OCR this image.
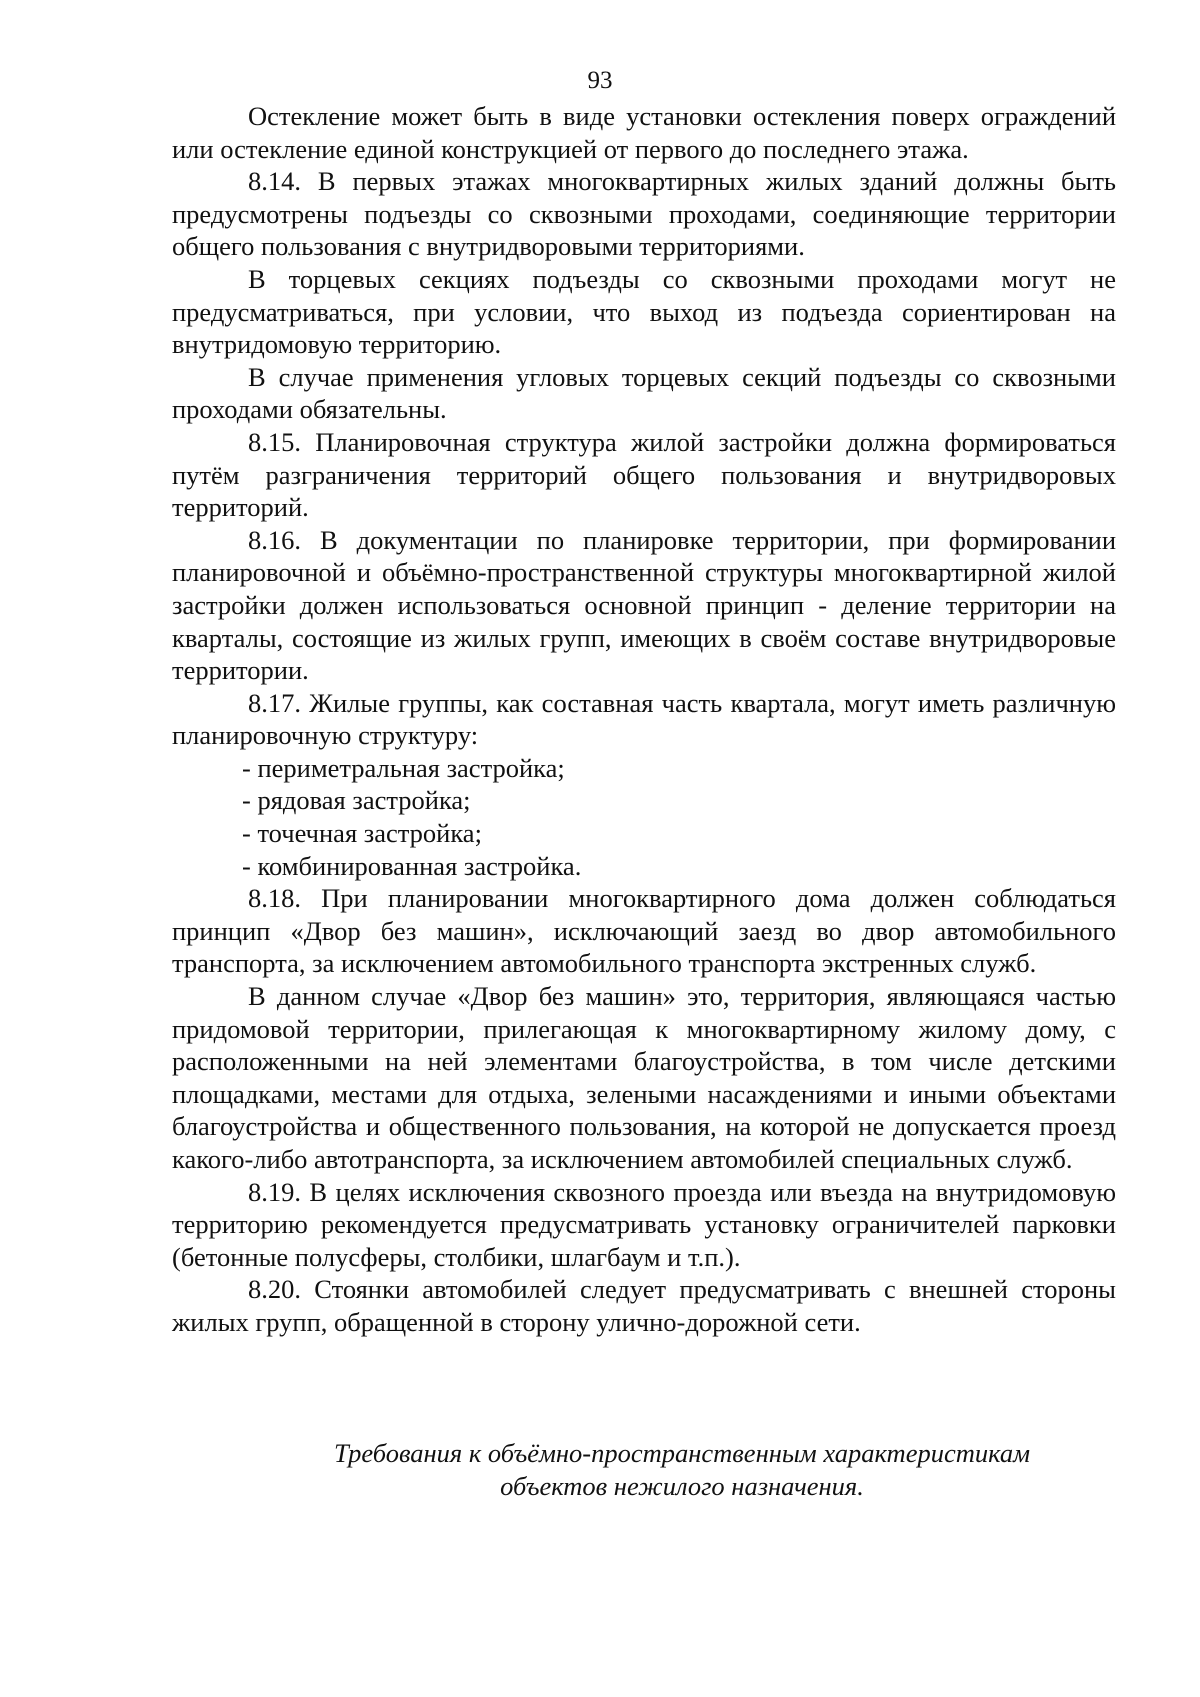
93

Остекление может быть в виде установки остекления поверх ограждений или остекление единой конструкцией от первого до последнего этажа.

8.14. В первых этажах многоквартирных жилых зданий должны быть предусмотрены подъезды со сквозными проходами, соединяющие территории общего пользования с внутридворовыми территориями.

В торцевых секциях подъезды со сквозными проходами могут не предусматриваться, при условии, что выход из подъезда сориентирован на внутридомовую территорию.

В случае применения угловых торцевых секций подъезды со сквозными проходами обязательны.

8.15. Планировочная структура жилой застройки должна формироваться путём разграничения территорий общего пользования и внутридворовых территорий.

8.16. В документации по планировке территории, при формировании планировочной и объёмно-пространственной структуры многоквартирной жилой застройки должен использоваться основной принцип - деление территории на кварталы, состоящие из жилых групп, имеющих в своём составе внутридворовые территории.

8.17. Жилые группы, как составная часть квартала, могут иметь различную планировочную структуру:

- периметральная застройка;
- рядовая застройка;
- точечная застройка;
- комбинированная застройка.

8.18. При планировании многоквартирного дома должен соблюдаться принцип «Двор без машин», исключающий заезд во двор автомобильного транспорта, за исключением автомобильного транспорта экстренных служб.

В данном случае «Двор без машин» это, территория, являющаяся частью придомовой территории, прилегающая к многоквартирному жилому дому, с расположенными на ней элементами благоустройства, в том числе детскими площадками, местами для отдыха, зелеными насаждениями и иными объектами благоустройства и общественного пользования, на которой не допускается проезд какого-либо автотранспорта, за исключением автомобилей специальных служб.

8.19. В целях исключения сквозного проезда или въезда на внутридомовую территорию рекомендуется предусматривать установку ограничителей парковки (бетонные полусферы, столбики, шлагбаум и т.п.).

8.20. Стоянки автомобилей следует предусматривать с внешней стороны жилых групп, обращенной в сторону улично-дорожной сети.

Требования к объёмно-пространственным характеристикам
объектов нежилого назначения.
